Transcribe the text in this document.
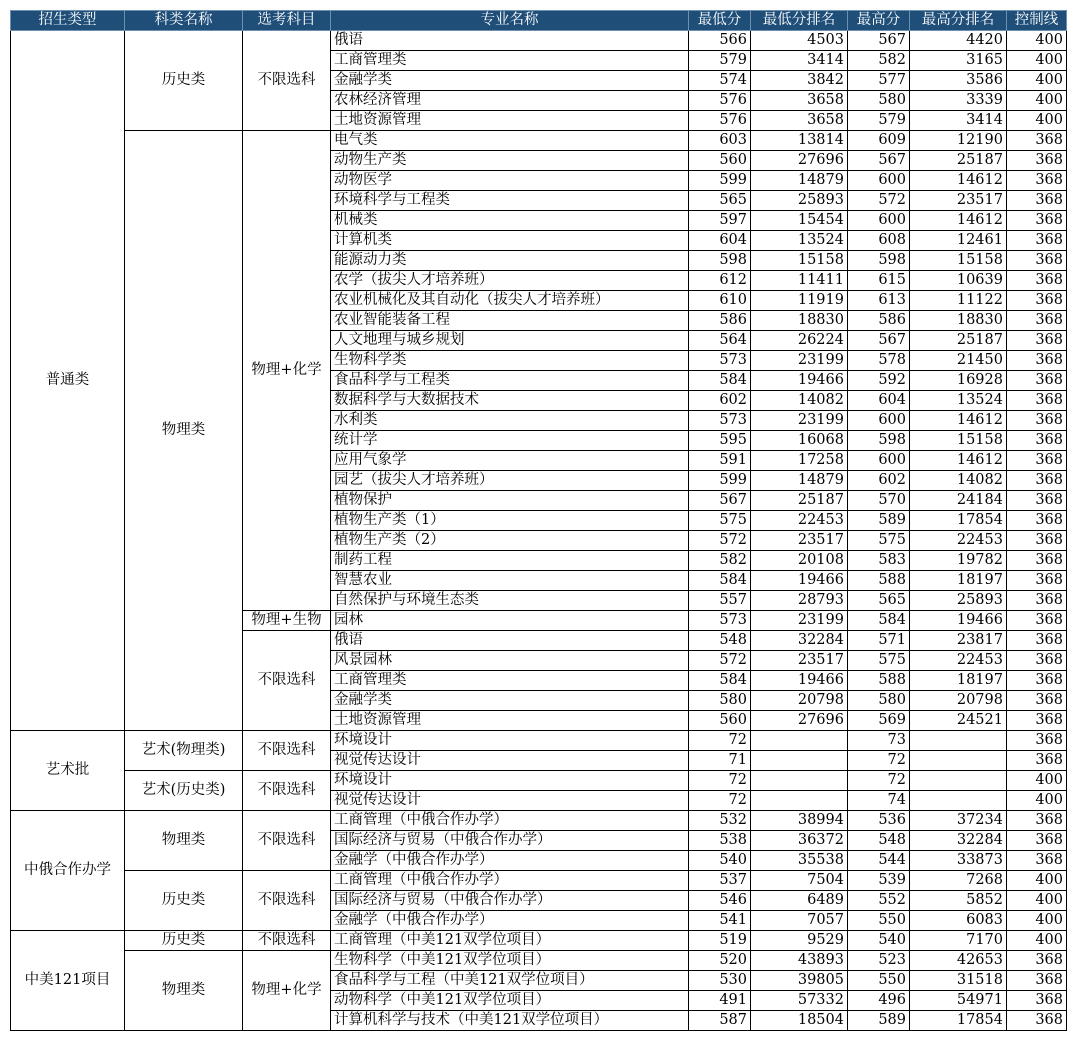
招生类型	科类名称	选考科目	专业名称	最低分	最低分排名	最高分	最高分排名	控制线
普通类	历史类	不限选科	俄语	566	4503	567	4420	400
			工商管理类	579	3414	582	3165	400
			金融学类	574	3842	577	3586	400
			农林经济管理	576	3658	580	3339	400
			土地资源管理	576	3658	579	3414	400
	物理类	物理+化学	电气类	603	13814	609	12190	368
			动物生产类	560	27696	567	25187	368
			动物医学	599	14879	600	14612	368
			环境科学与工程类	565	25893	572	23517	368
			机械类	597	15454	600	14612	368
			计算机类	604	13524	608	12461	368
			能源动力类	598	15158	598	15158	368
			农学（拔尖人才培养班）	612	11411	615	10639	368
			农业机械化及其自动化（拔尖人才培养班）	610	11919	613	11122	368
			农业智能装备工程	586	18830	586	18830	368
			人文地理与城乡规划	564	26224	567	25187	368
			生物科学类	573	23199	578	21450	368
			食品科学与工程类	584	19466	592	16928	368
			数据科学与大数据技术	602	14082	604	13524	368
			水利类	573	23199	600	14612	368
			统计学	595	16068	598	15158	368
			应用气象学	591	17258	600	14612	368
			园艺（拔尖人才培养班）	599	14879	602	14082	368
			植物保护	567	25187	570	24184	368
			植物生产类（1）	575	22453	589	17854	368
			植物生产类（2）	572	23517	575	22453	368
			制药工程	582	20108	583	19782	368
			智慧农业	584	19466	588	18197	368
			自然保护与环境生态类	557	28793	565	25893	368
		物理+生物	园林	573	23199	584	19466	368
		不限选科	俄语	548	32284	571	23817	368
			风景园林	572	23517	575	22453	368
			工商管理类	584	19466	588	18197	368
			金融学类	580	20798	580	20798	368
			土地资源管理	560	27696	569	24521	368
艺术批	艺术(物理类)	不限选科	环境设计	72		73		368
			视觉传达设计	71		72		368
	艺术(历史类)	不限选科	环境设计	72		72		400
			视觉传达设计	72		74		400
中俄合作办学	物理类	不限选科	工商管理（中俄合作办学）	532	38994	536	37234	368
			国际经济与贸易（中俄合作办学）	538	36372	548	32284	368
			金融学（中俄合作办学）	540	35538	544	33873	368
	历史类	不限选科	工商管理（中俄合作办学）	537	7504	539	7268	400
			国际经济与贸易（中俄合作办学）	546	6489	552	5852	400
			金融学（中俄合作办学）	541	7057	550	6083	400
中美121项目	历史类	不限选科	工商管理（中美121双学位项目）	519	9529	540	7170	400
	物理类	物理+化学	生物科学（中美121双学位项目）	520	43893	523	42653	368
			食品科学与工程（中美121双学位项目）	530	39805	550	31518	368
			动物科学（中美121双学位项目）	491	57332	496	54971	368
			计算机科学与技术（中美121双学位项目）	587	18504	589	17854	368
